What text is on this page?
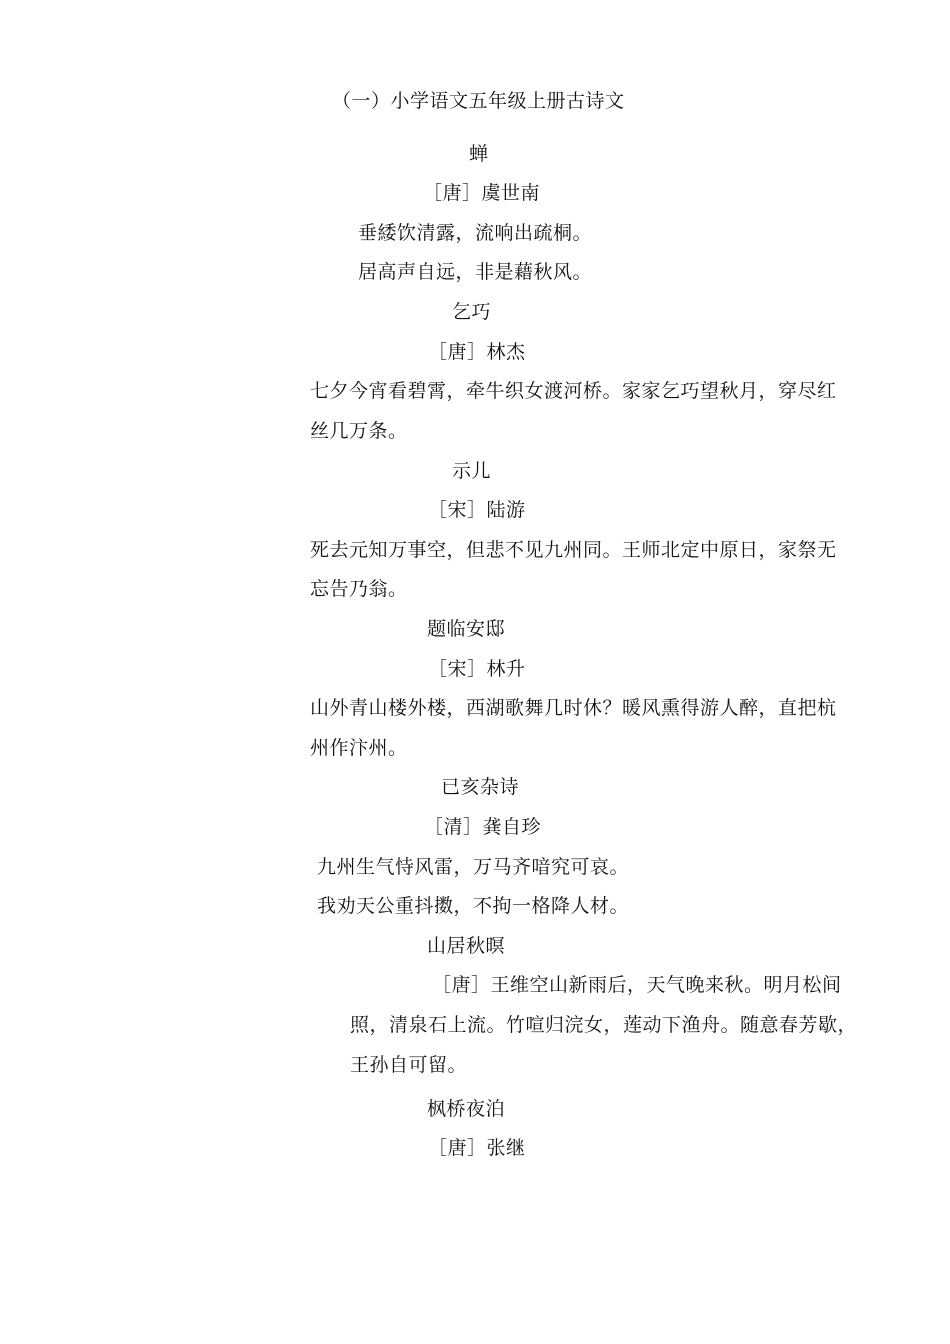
（一）小学语文五年级上册古诗文
蝉
［唐］虞世南
垂緌饮清露，流响出疏桐。
居高声自远，非是藉秋风。
乞巧
［唐］林杰
七夕今宵看碧霄，牵牛织女渡河桥。家家乞巧望秋月，穿尽红
丝几万条。
示儿
［宋］陆游
死去元知万事空，但悲不见九州同。王师北定中原日，家祭无
忘告乃翁。
题临安邸
［宋］林升
山外青山楼外楼，西湖歌舞几时休？暖风熏得游人醉，直把杭
州作汴州。
已亥杂诗
［清］龚自珍
九州生气恃风雷，万马齐喑究可哀。
我劝天公重抖擞，不拘一格降人材。
山居秋暝
［唐］王维空山新雨后，天气晚来秋。明月松间
照，清泉石上流。竹喧归浣女，莲动下渔舟。随意春芳歇，
王孙自可留。
枫桥夜泊
［唐］张继
